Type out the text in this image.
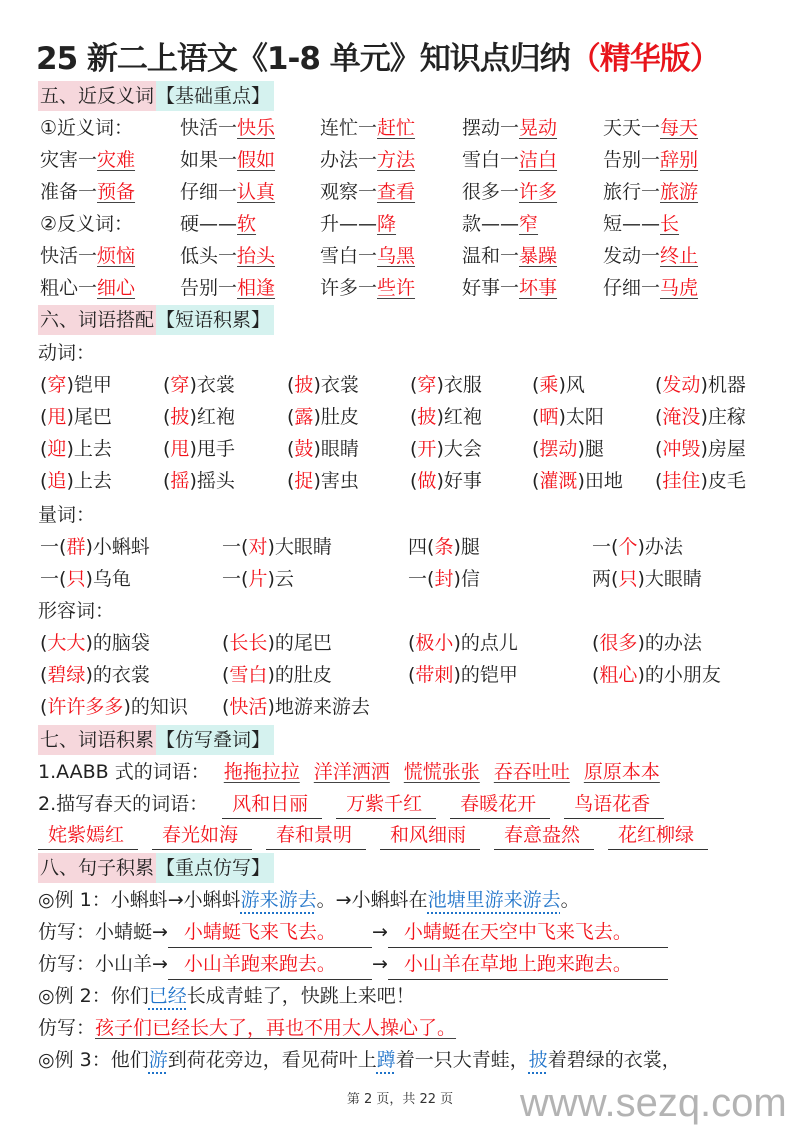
25 新二上语文《1-8 单元》知识点归纳（精华版）
五、近反义词 【基础重点】
①近义词： 快活一快乐 连忙一赶忙 摆动一晃动 天天一每天
灾害一灾难 如果一假如 办法一方法 雪白一洁白 告别一辞别
准备一预备 仔细一认真 观察一查看 很多一许多 旅行一旅游
②反义词： 硬——软	升——降	款——窄	短——长
快活一烦恼 低头一抬头 雪白一乌黑 温和一暴躁 发动一终止
粗心一细心 告别一相逢 许多一些许 好事一坏事 仔细一马虎
六、词语搭配 【短语积累】
动词：
(穿)铠甲	(穿)衣裳	(披)衣裳	(穿)衣服	(乘)风	(发动)机器
(甩)尾巴	(披)红袍	(露)肚皮	(披)红袍	(晒)太阳	(淹没)庄稼
(迎)上去	(甩)甩手	(鼓)眼睛	(开)大会	(摆动)腿	(冲毁)房屋
(追)上去	(摇)摇头	(捉)害虫	(做)好事	(灌溉)田地 (挂住)皮毛
量词：
一(群)小蝌蚪	一(对)大眼睛	四(条)腿	一(个)办法
一(只)乌龟	一(片)云	一(封)信	两(只)大眼睛
形容词：
(大大)的脑袋	(长长)的尾巴	(极小)的点儿	(很多)的办法
(碧绿)的衣裳	(雪白)的肚皮	(带刺)的铠甲	(粗心)的小朋友
(许许多多)的知识 (快活)地游来游去
七、词语积累 【仿写叠词】
1.AABB 式的词语： 拖拖拉拉 洋洋洒洒 慌慌张张 吞吞吐吐 原原本本
2.描写春天的词语：	风和日丽	万紫千红	春暖花开	鸟语花香
姹紫嫣红	春光如海	春和景明	和风细雨	春意盎然	花红柳绿
八、句子积累 【重点仿写】
◎例 1：小蝌蚪→小蝌蚪游来游去。→小蝌蚪在池塘里游来游去。
仿写：小蜻蜓→ 小蜻蜓飞来飞去。 → 小蜻蜓在天空中飞来飞去。
仿写：小山羊→ 小山羊跑来跑去。 → 小山羊在草地上跑来跑去。
◎例 2：你们已经长成青蛙了，快跳上来吧！
仿写：孩子们已经长大了，再也不用大人操心了。
◎例 3：他们游到荷花旁边，看见荷叶上蹲着一只大青蛙，披着碧绿的衣裳，
第 2 页，共 22 页	www.sezq.com
